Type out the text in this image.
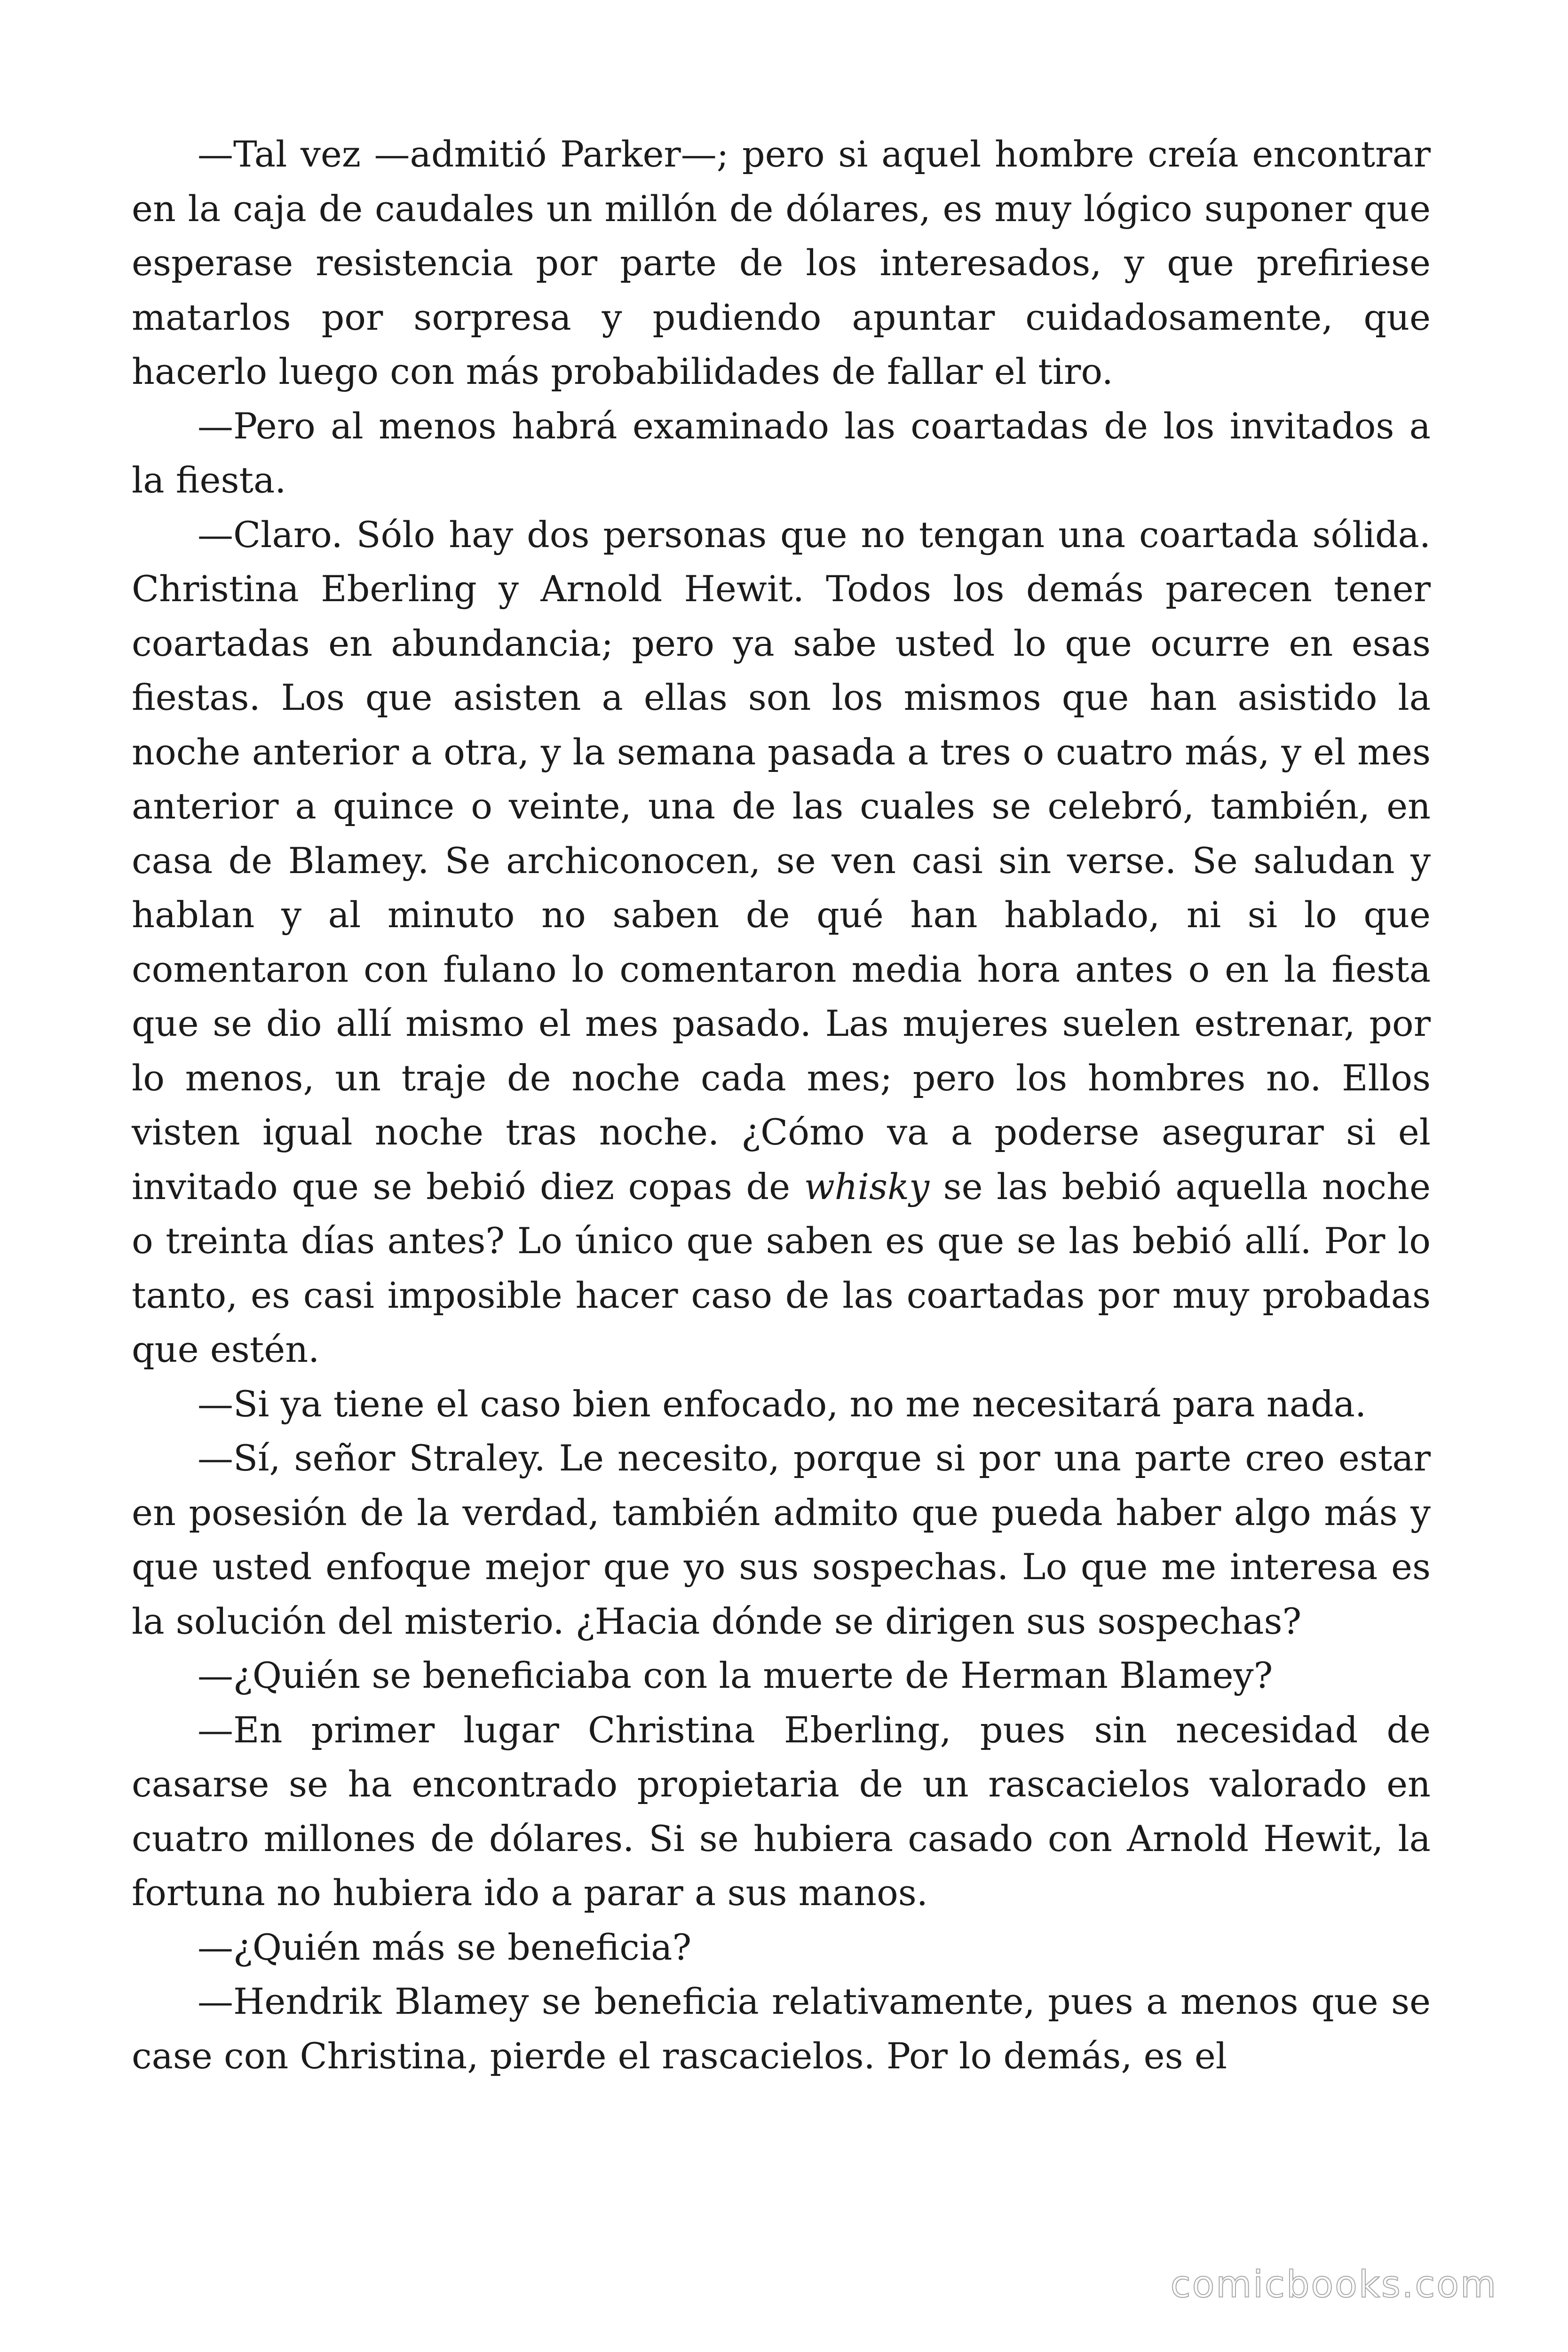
—Tal vez —admitió Parker—; pero si aquel hombre creía encontrar en la caja de caudales un millón de dólares, es muy lógico suponer que esperase resistencia por parte de los interesados, y que prefiriese matarlos por sorpresa y pudiendo apuntar cuidadosamente, que hacerlo luego con más probabilidades de fallar el tiro.

—Pero al menos habrá examinado las coartadas de los invitados a la fiesta.

—Claro. Sólo hay dos personas que no tengan una coartada sólida. Christina Eberling y Arnold Hewit. Todos los demás parecen tener coartadas en abundancia; pero ya sabe usted lo que ocurre en esas fiestas. Los que asisten a ellas son los mismos que han asistido la noche anterior a otra, y la semana pasada a tres o cuatro más, y el mes anterior a quince o veinte, una de las cuales se celebró, también, en casa de Blamey. Se archiconocen, se ven casi sin verse. Se saludan y hablan y al minuto no saben de qué han hablado, ni si lo que comentaron con fulano lo comentaron media hora antes o en la fiesta que se dio allí mismo el mes pasado. Las mujeres suelen estrenar, por lo menos, un traje de noche cada mes; pero los hombres no. Ellos visten igual noche tras noche. ¿Cómo va a poderse asegurar si el invitado que se bebió diez copas de whisky se las bebió aquella noche o treinta días antes? Lo único que saben es que se las bebió allí. Por lo tanto, es casi imposible hacer caso de las coartadas por muy probadas que estén.

—Si ya tiene el caso bien enfocado, no me necesitará para nada.

—Sí, señor Straley. Le necesito, porque si por una parte creo estar en posesión de la verdad, también admito que pueda haber algo más y que usted enfoque mejor que yo sus sospechas. Lo que me interesa es la solución del misterio. ¿Hacia dónde se dirigen sus sospechas?

—¿Quién se beneficiaba con la muerte de Herman Blamey?

—En primer lugar Christina Eberling, pues sin necesidad de casarse se ha encontrado propietaria de un rascacielos valorado en cuatro millones de dólares. Si se hubiera casado con Arnold Hewit, la fortuna no hubiera ido a parar a sus manos.

—¿Quién más se beneficia?

—Hendrik Blamey se beneficia relativamente, pues a menos que se case con Christina, pierde el rascacielos. Por lo demás, es el

comicbooks.com
